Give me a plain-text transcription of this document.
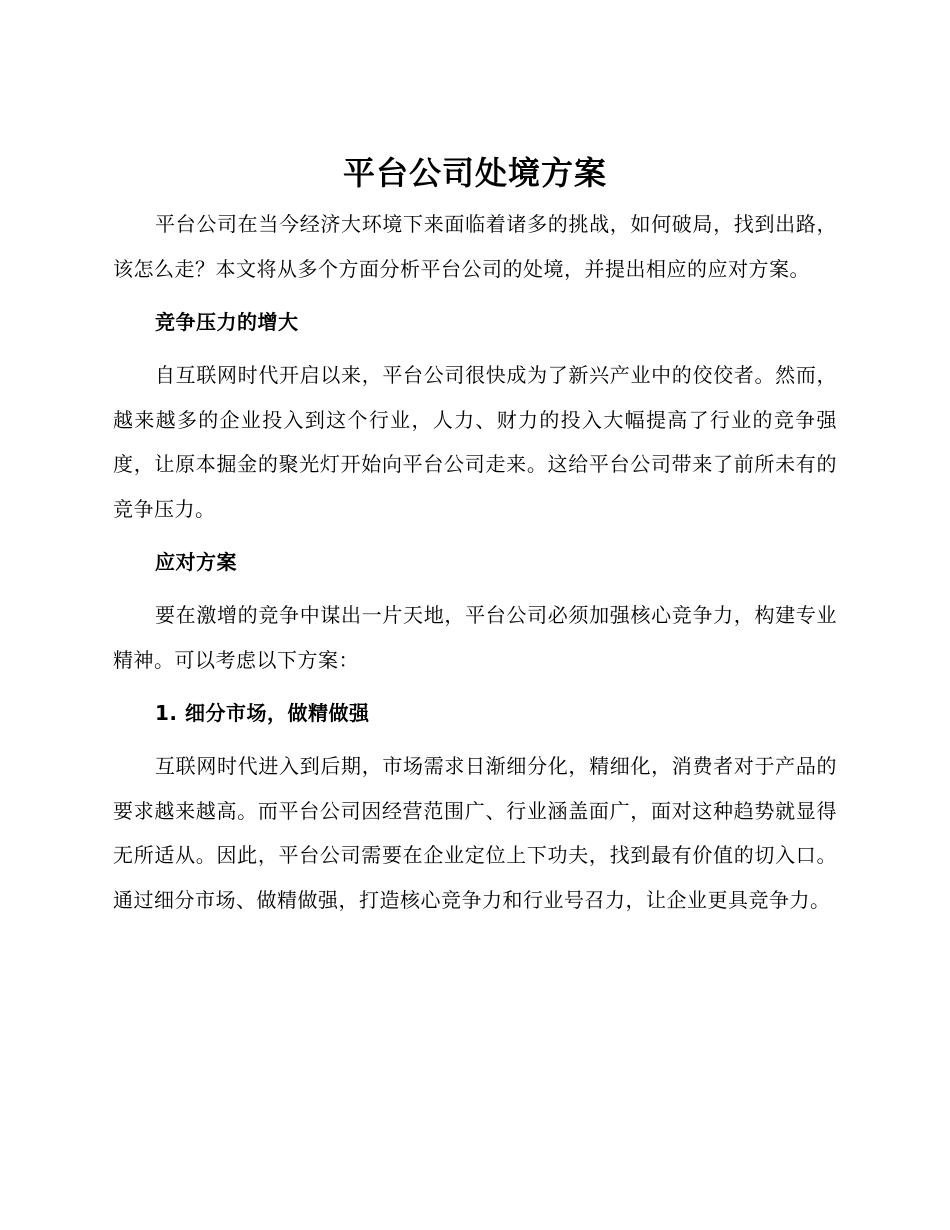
平台公司处境方案

平台公司在当今经济大环境下来面临着诸多的挑战，如何破局，找到出路，该怎么走？本文将从多个方面分析平台公司的处境，并提出相应的应对方案。

竞争压力的增大

自互联网时代开启以来，平台公司很快成为了新兴产业中的佼佼者。然而，越来越多的企业投入到这个行业，人力、财力的投入大幅提高了行业的竞争强度，让原本掘金的聚光灯开始向平台公司走来。这给平台公司带来了前所未有的竞争压力。

应对方案

要在激增的竞争中谋出一片天地，平台公司必须加强核心竞争力，构建专业精神。可以考虑以下方案：

1. 细分市场，做精做强

互联网时代进入到后期，市场需求日渐细分化，精细化，消费者对于产品的要求越来越高。而平台公司因经营范围广、行业涵盖面广，面对这种趋势就显得无所适从。因此，平台公司需要在企业定位上下功夫，找到最有价值的切入口。通过细分市场、做精做强，打造核心竞争力和行业号召力，让企业更具竞争力。
